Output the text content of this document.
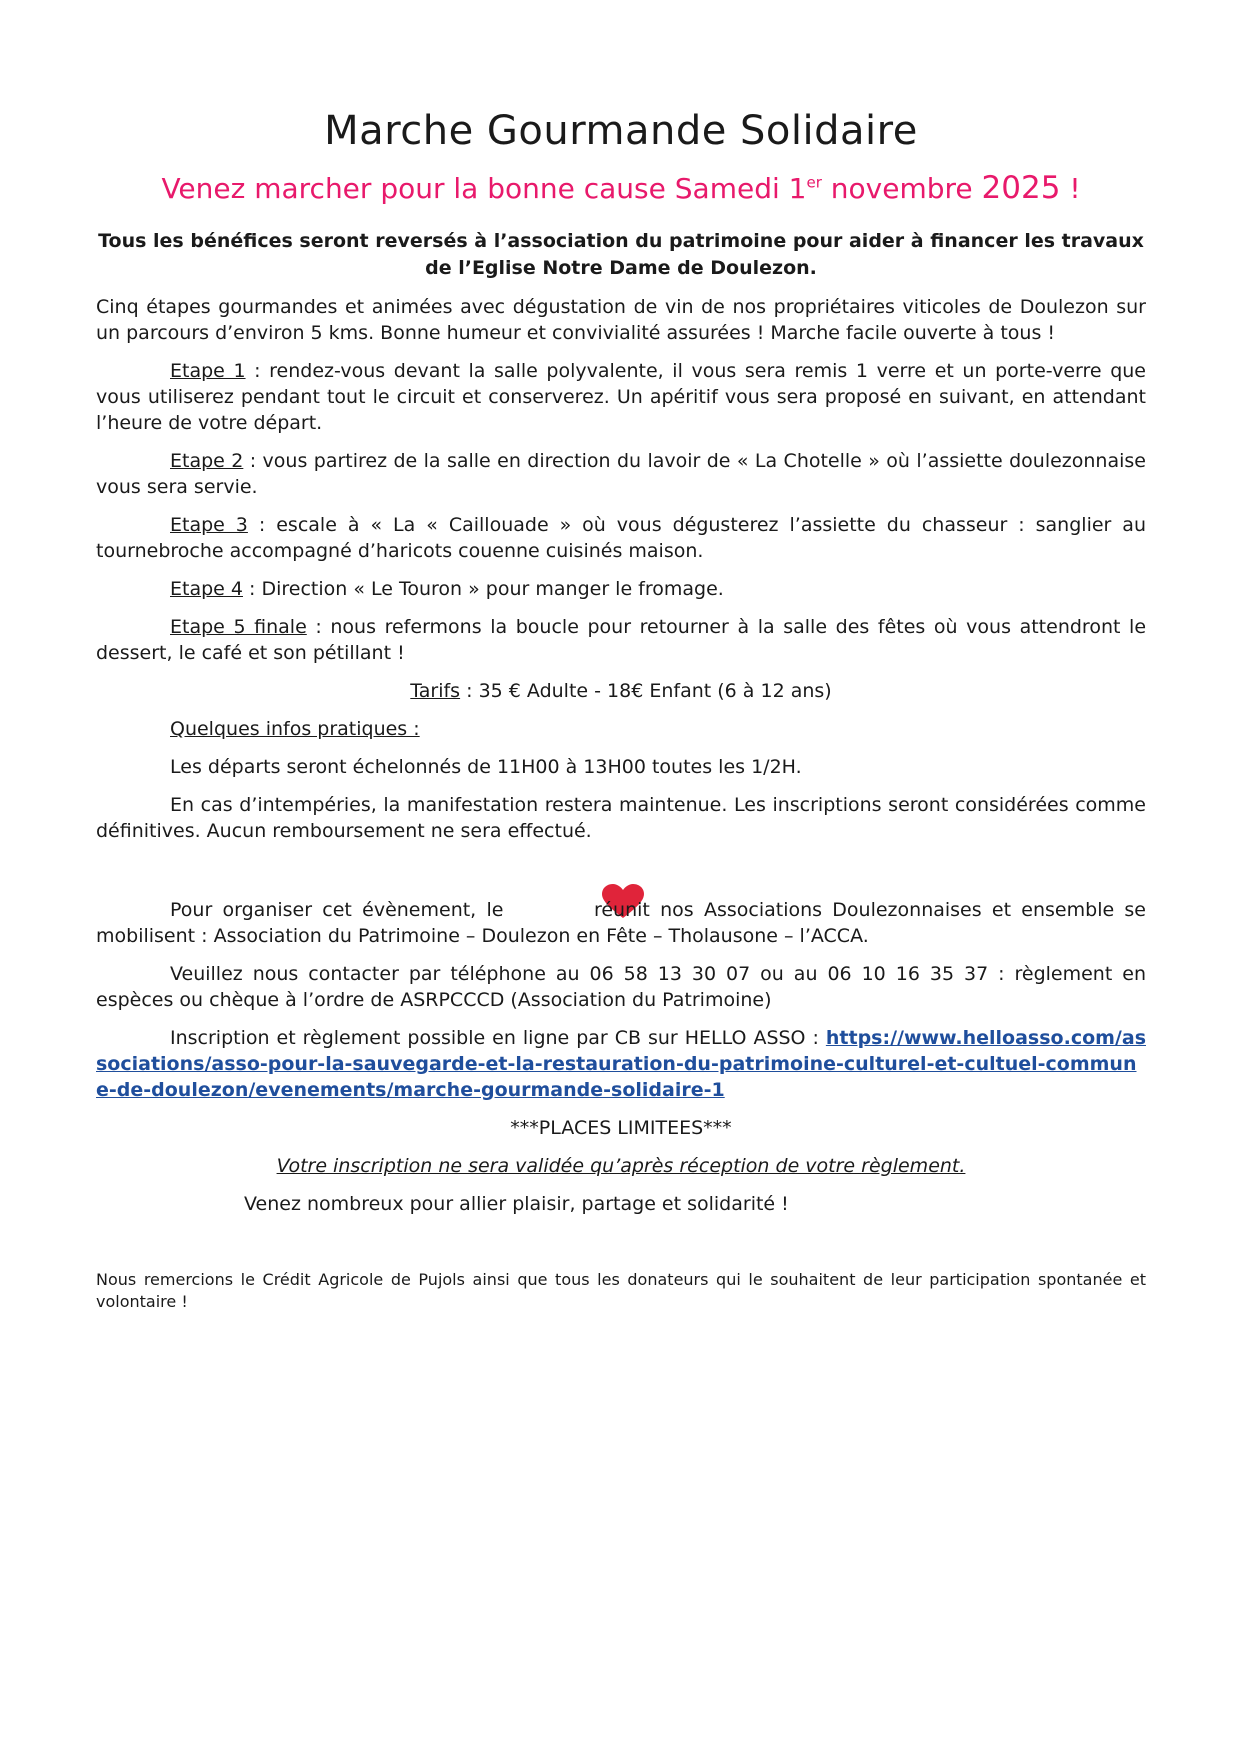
Marche Gourmande Solidaire
Venez marcher pour la bonne cause Samedi 1er novembre 2025 !

Tous les bénéfices seront reversés à l’association du patrimoine pour aider à financer les travaux de l’Eglise Notre Dame de Doulezon.

Cinq étapes gourmandes et animées avec dégustation de vin de nos propriétaires viticoles de Doulezon sur un parcours d’environ 5 kms. Bonne humeur et convivialité assurées ! Marche facile ouverte à tous !

Etape 1 : rendez-vous devant la salle polyvalente, il vous sera remis 1 verre et un porte-verre que vous utiliserez pendant tout le circuit et conserverez. Un apéritif vous sera proposé en suivant, en attendant l’heure de votre départ.

Etape 2 : vous partirez de la salle en direction du lavoir de « La Chotelle » où l’assiette doulezonnaise vous sera servie.

Etape 3 : escale à « La « Caillouade » où vous dégusterez l’assiette du chasseur : sanglier au tournebroche accompagné d’haricots couenne cuisinés maison.

Etape 4 : Direction « Le Touron » pour manger le fromage.

Etape 5 finale : nous refermons la boucle pour retourner à la salle des fêtes où vous attendront le dessert, le café et son pétillant !

Tarifs : 35 € Adulte - 18€ Enfant (6 à 12 ans)

Quelques infos pratiques :

Les départs seront échelonnés de 11H00 à 13H00 toutes les 1/2H.

En cas d’intempéries, la manifestation restera maintenue. Les inscriptions seront considérées comme définitives. Aucun remboursement ne sera effectué.

Pour organiser cet évènement, le	réunit nos Associations Doulezonnaises et ensemble se mobilisent : Association du Patrimoine – Doulezon en Fête – Tholausone – l’ACCA.

Veuillez nous contacter par téléphone au 06 58 13 30 07 ou au 06 10 16 35 37 : règlement en espèces ou chèque à l’ordre de ASRPCCCD (Association du Patrimoine)

Inscription et règlement possible en ligne par CB sur HELLO ASSO : https://www.helloasso.com/associations/asso-pour-la-sauvegarde-et-la-restauration-du-patrimoine-culturel-et-cultuel-commune-de-doulezon/evenements/marche-gourmande-solidaire-1

***PLACES LIMITEES***

Votre inscription ne sera validée qu’après réception de votre règlement.

Venez nombreux pour allier plaisir, partage et solidarité !

Nous remercions le Crédit Agricole de Pujols ainsi que tous les donateurs qui le souhaitent de leur participation spontanée et volontaire !
